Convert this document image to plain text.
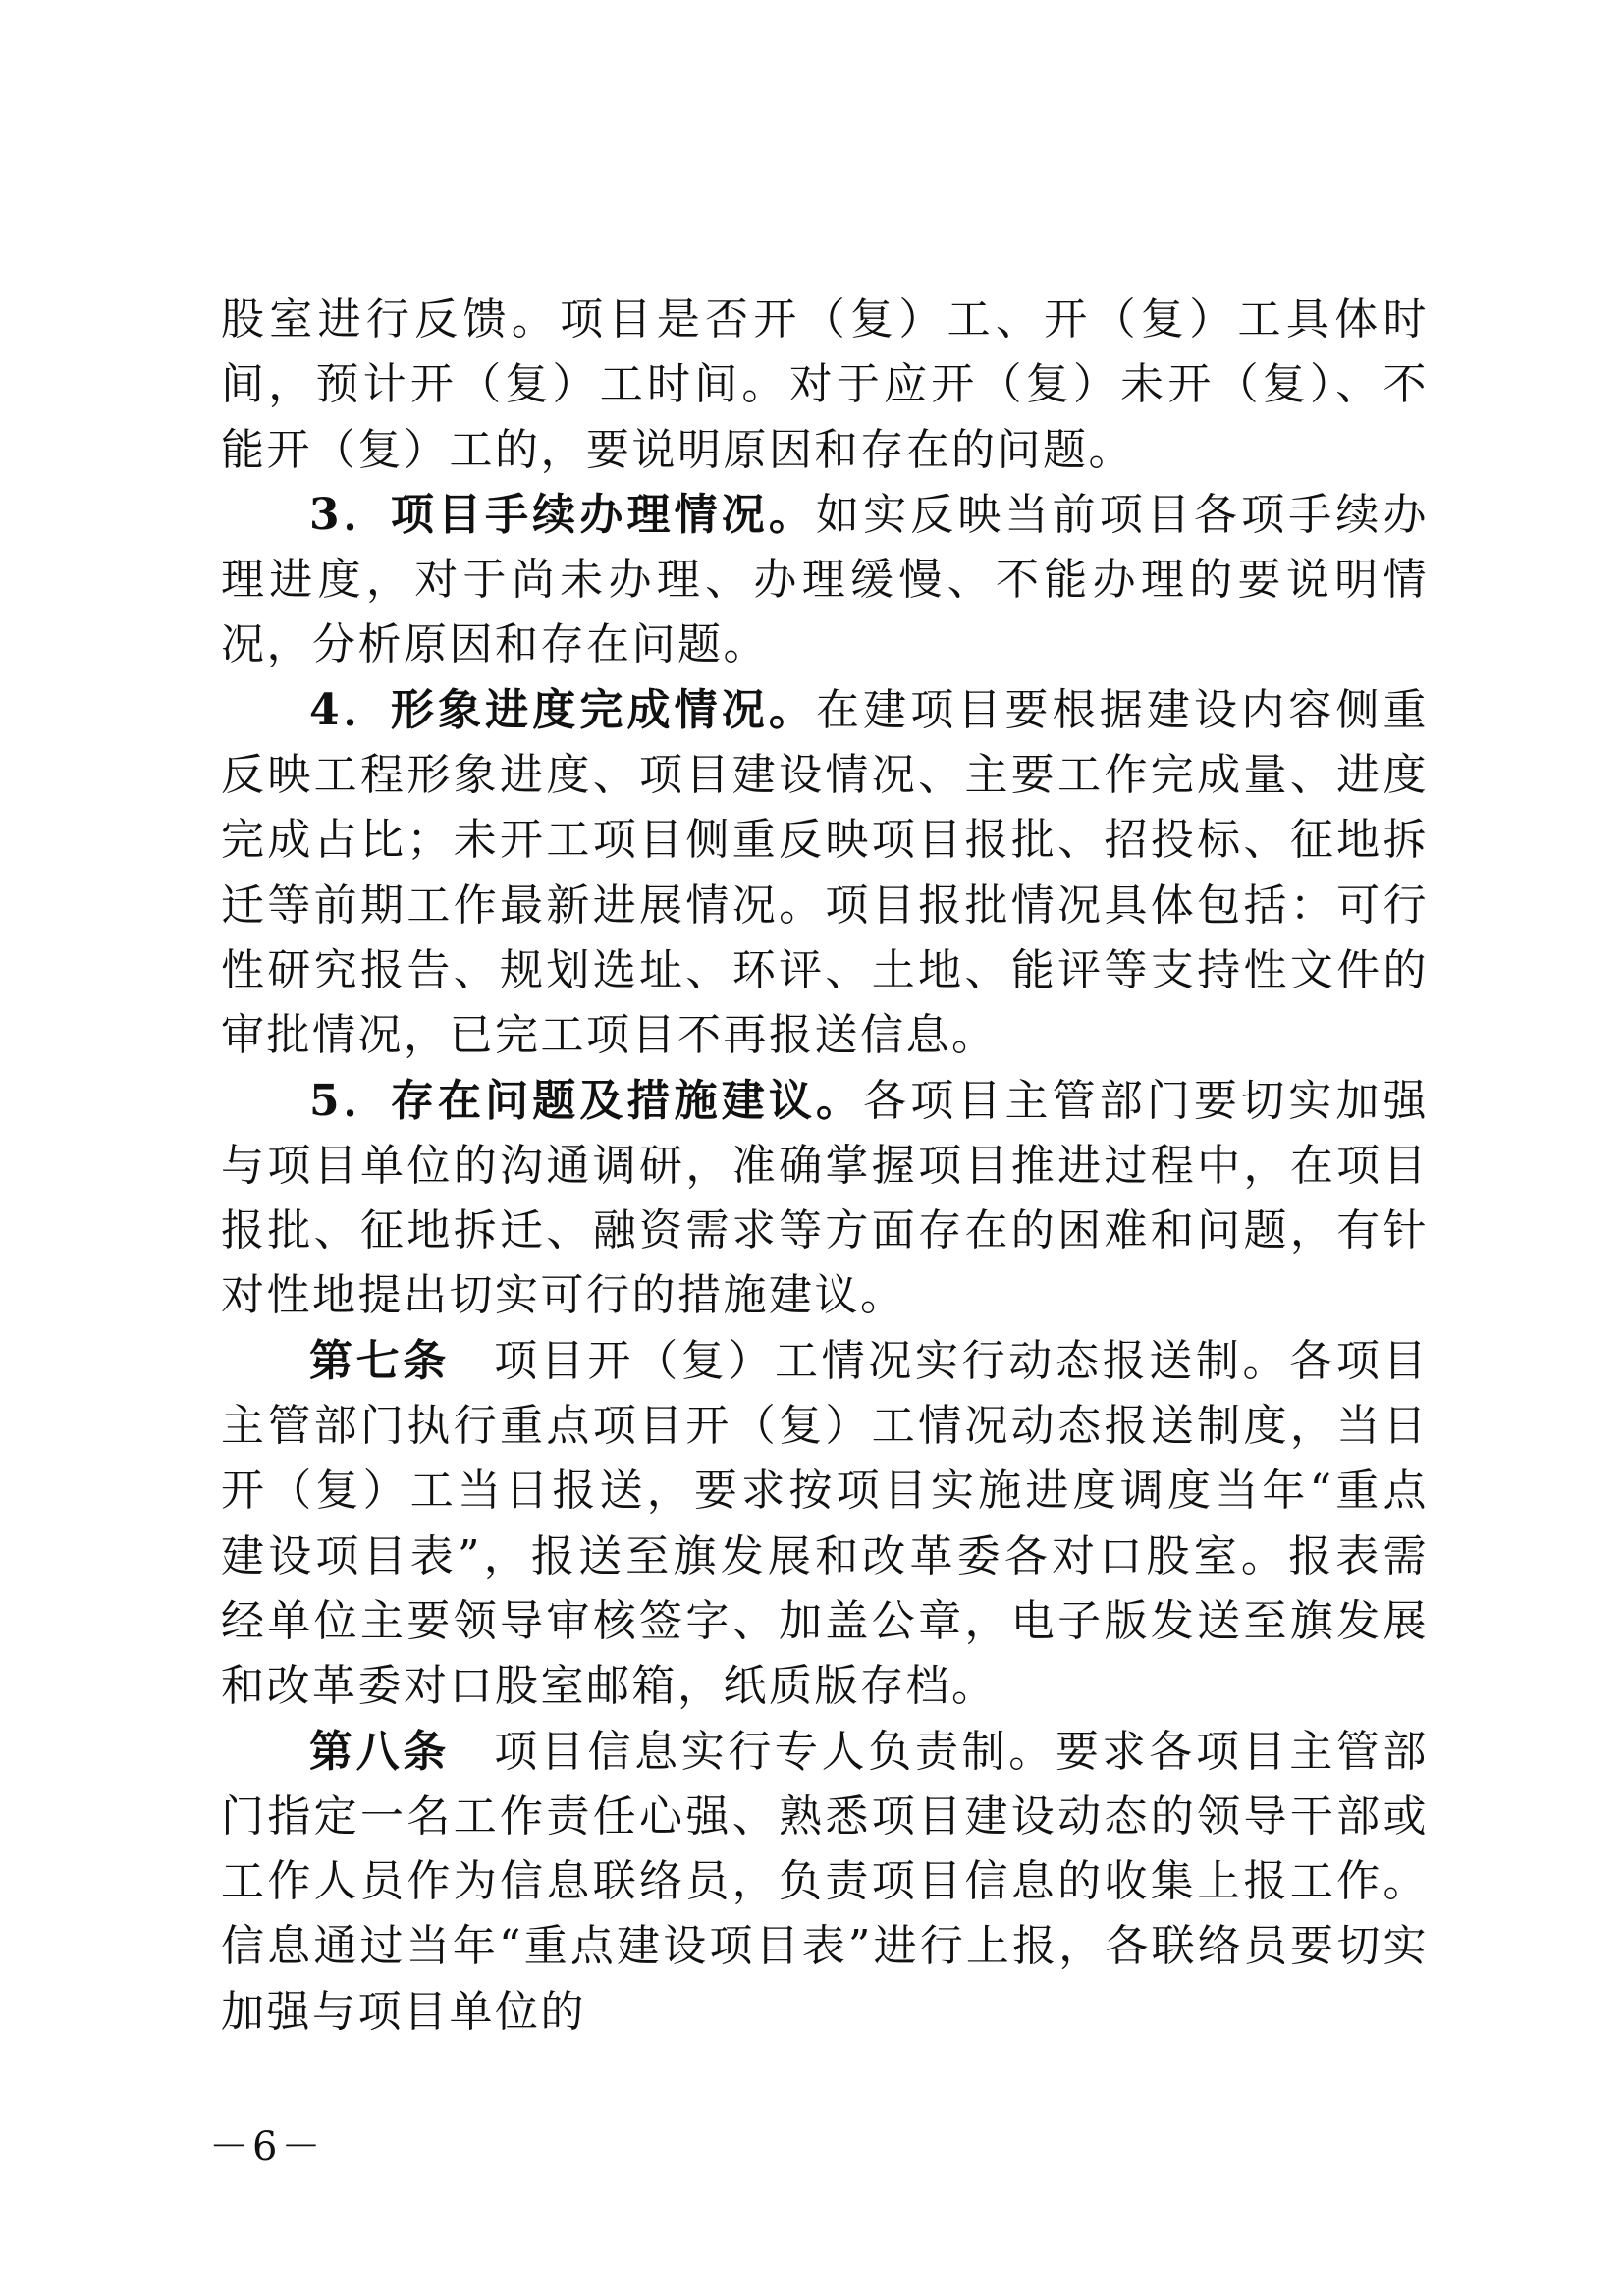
股室进行反馈。项目是否开（复）工、开（复）工具体时间，预计开（复）工时间。对于应开（复）未开（复）、不能开（复）工的，要说明原因和存在的问题。

3．项目手续办理情况。如实反映当前项目各项手续办理进度，对于尚未办理、办理缓慢、不能办理的要说明情况，分析原因和存在问题。

4．形象进度完成情况。在建项目要根据建设内容侧重反映工程形象进度、项目建设情况、主要工作完成量、进度完成占比；未开工项目侧重反映项目报批、招投标、征地拆迁等前期工作最新进展情况。项目报批情况具体包括：可行性研究报告、规划选址、环评、土地、能评等支持性文件的审批情况，已完工项目不再报送信息。

5．存在问题及措施建议。各项目主管部门要切实加强与项目单位的沟通调研，准确掌握项目推进过程中，在项目报批、征地拆迁、融资需求等方面存在的困难和问题，有针对性地提出切实可行的措施建议。

第七条 项目开（复）工情况实行动态报送制。各项目主管部门执行重点项目开（复）工情况动态报送制度，当日开（复）工当日报送，要求按项目实施进度调度当年“重点建设项目表”，报送至旗发展和改革委各对口股室。报表需经单位主要领导审核签字、加盖公章，电子版发送至旗发展和改革委对口股室邮箱，纸质版存档。

第八条 项目信息实行专人负责制。要求各项目主管部门指定一名工作责任心强、熟悉项目建设动态的领导干部或工作人员作为信息联络员，负责项目信息的收集上报工作。信息通过当年“重点建设项目表”进行上报，各联络员要切实加强与项目单位的

－6－
